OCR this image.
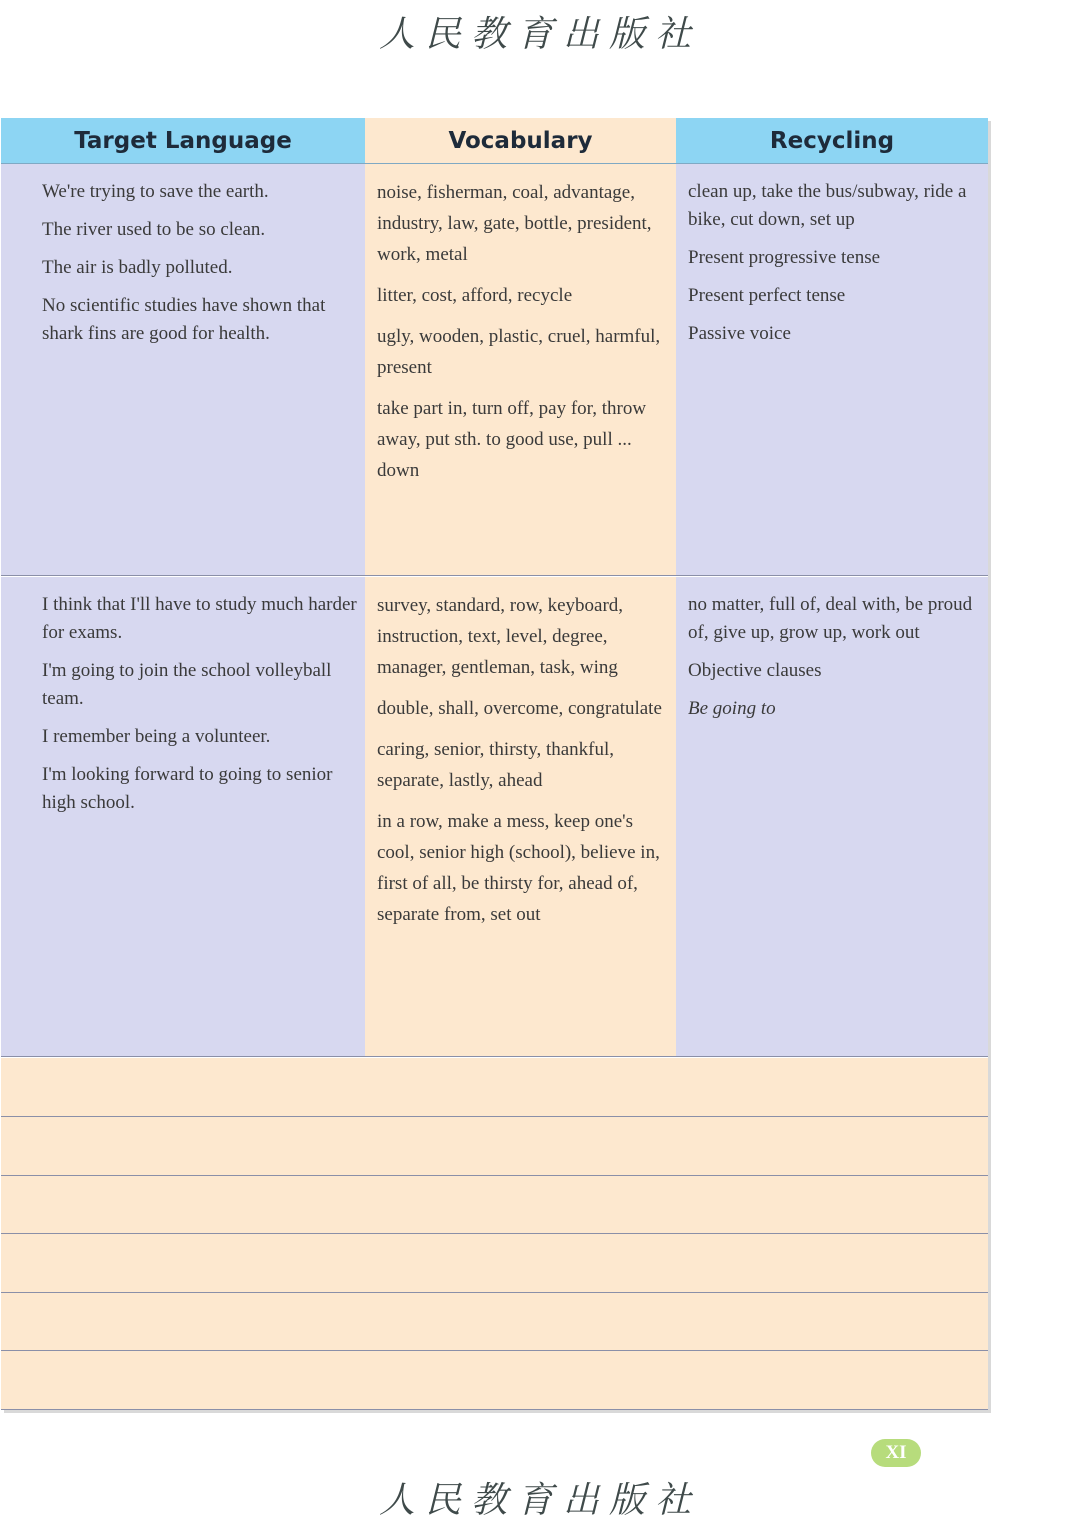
人民教育出版社
Target Language	Vocabulary	Recycling

We're trying to save the earth.

The river used to be so clean.

The air is badly polluted.

No scientific studies have shown that shark fins are good for health.

noise, fisherman, coal, advantage, industry, law, gate, bottle, president, work, metal

litter, cost, afford, recycle

ugly, wooden, plastic, cruel, harmful, present

take part in, turn off, pay for, throw away, put sth. to good use, pull ... down

clean up, take the bus/subway, ride a bike, cut down, set up

Present progressive tense

Present perfect tense

Passive voice

I think that I'll have to study much harder for exams.

I'm going to join the school volleyball team.

I remember being a volunteer.

I'm looking forward to going to senior high school.

survey, standard, row, keyboard, instruction, text, level, degree, manager, gentleman, task, wing

double, shall, overcome, congratulate

caring, senior, thirsty, thankful, separate, lastly, ahead

in a row, make a mess, keep one's cool, senior high (school), believe in, first of all, be thirsty for, ahead of, separate from, set out

no matter, full of, deal with, be proud of, give up, grow up, work out

Objective clauses

Be going to

XI
人民教育出版社
